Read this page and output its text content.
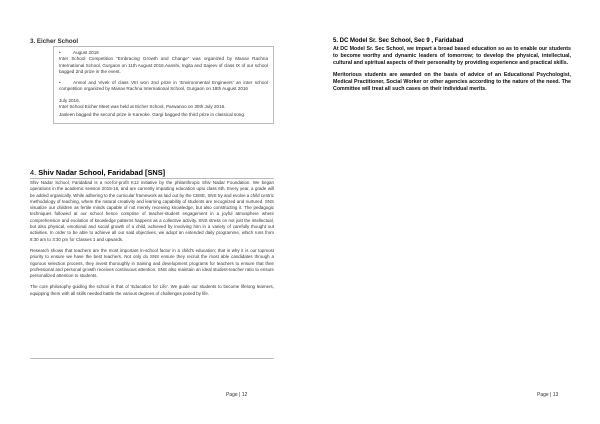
3. Eicher School

•	August 2016
Inter School Competition “Embracing Growth and Change” was organized by Manav Rachna International School, Gurgaon on 11th August 2016.Aanshi, Ingita and Sajeev of class IX of our school bagged 2nd prize in the event.

•	Anmol and Vivek of class VIII won 2nd prize in ‘Environmental Engineers’ an inter school competition organized by Manav Rachna International School, Gurgaon on 18th August 2016

July 2016.
Inter School Eicher Meet was held at Eicher School, Parwanoo on 30th July 2016.

Jasleen bagged the second prize in Kareoke. Gargi bagged the third prize in classical song.

4. Shiv Nadar School, Faridabad [SNS]

Shiv Nadar School, Faridabad is a not-for-profit K12 initiative by the philanthropic Shiv Nadar Foundation. We began operations in the academic session 2015-16, and are currently imparting education upto class 6th. Every year, a grade will be added organically. While adhering to the curricular framework as laid out by the CBSE, SNS try and evolve a child centric methodology of teaching, where the natural creativity and learning capability of students are recognized and nurtured. SNS visualize our children as fertile minds capable of not merely receiving knowledge, but also constructing it. The pedagogic techniques followed at our school hence comprise of teacher-student engagement in a joyful atmosphere where comprehension and evolution of knowledge patterns happens as a collective activity. SNS stress on not just the intellectual, but also physical, emotional and social growth of a child, achieved by involving him in a variety of carefully thought out activities. In order to be able to achieve all our said objectives, we adopt an extended daily programme, which runs from 8:30 am to 3:30 pm for Classes 1 and upwards.

Research shows that teachers are the most important in-school factor in a child's education; that is why it is our topmost priority to ensure we have the best teachers. Not only do SNS ensure they recruit the most able candidates through a rigorous selection process, they invest thoroughly in training and development programs for teachers to ensure that their professional and personal growth receives continuous attention. SNS also maintain an ideal student-teacher ratio to ensure personalized attention to students.

The core philosophy guiding the school is that of 'Education for Life'. We guide our students to become lifelong learners, equipping them with all skills needed battle the various degrees of challenges posed by life.

Page | 12
5. DC Model Sr. Sec School, Sec 9 , Faridabad

At DC Model Sr. Sec School, we impart a broad based education so as to enable our students to become worthy and dynamic leaders of tomorrow; to develop the physical, intellectual, cultural and spiritual aspects of their personality by providing experience and practical skills.

Meritorious students are awarded on the basis of advice of an Educational Psychologist, Medical Practitioner, Social Worker or other agencies according to the nature of the need. The Committee will treat all such cases on their individual merits.

Page | 13
